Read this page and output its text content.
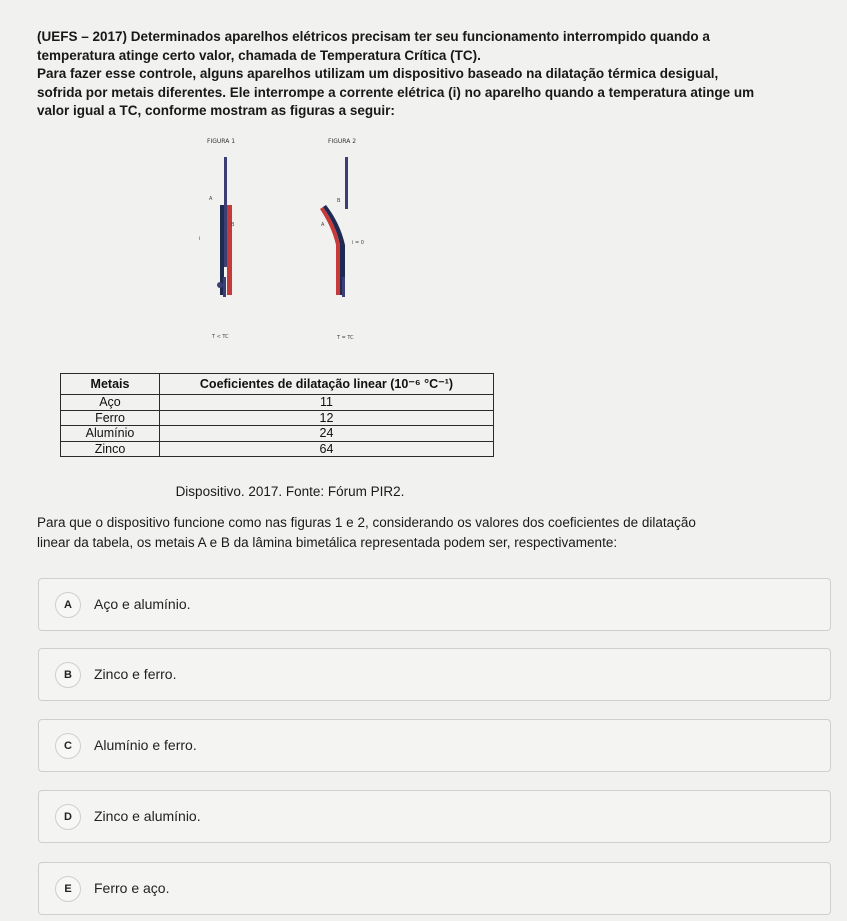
(UEFS – 2017) Determinados aparelhos elétricos precisam ter seu funcionamento interrompido quando a

temperatura atinge certo valor, chamada de Temperatura Crítica (TC).

Para fazer esse controle, alguns aparelhos utilizam um dispositivo baseado na dilatação térmica desigual,

sofrida por metais diferentes. Ele interrompe a corrente elétrica (i) no aparelho quando a temperatura atinge um

valor igual a TC, conforme mostram as figuras a seguir:

FIGURA 1	FIGURA 2
A
B
i
B
A
i = 0
T < TC	T = TC
Metais	Coeficientes de dilatação linear (10⁻⁶ °C⁻¹)
Aço	11
Ferro	12
Alumínio	24
Zinco	64
Dispositivo. 2017. Fonte: Fórum PIR2.
Para que o dispositivo funcione como nas figuras 1 e 2, considerando os valores dos coeficientes de dilatação
linear da tabela, os metais A e B da lâmina bimetálica representada podem ser, respectivamente:
A	Aço e alumínio.
B	Zinco e ferro.
C	Alumínio e ferro.
D	Zinco e alumínio.
E	Ferro e aço.
